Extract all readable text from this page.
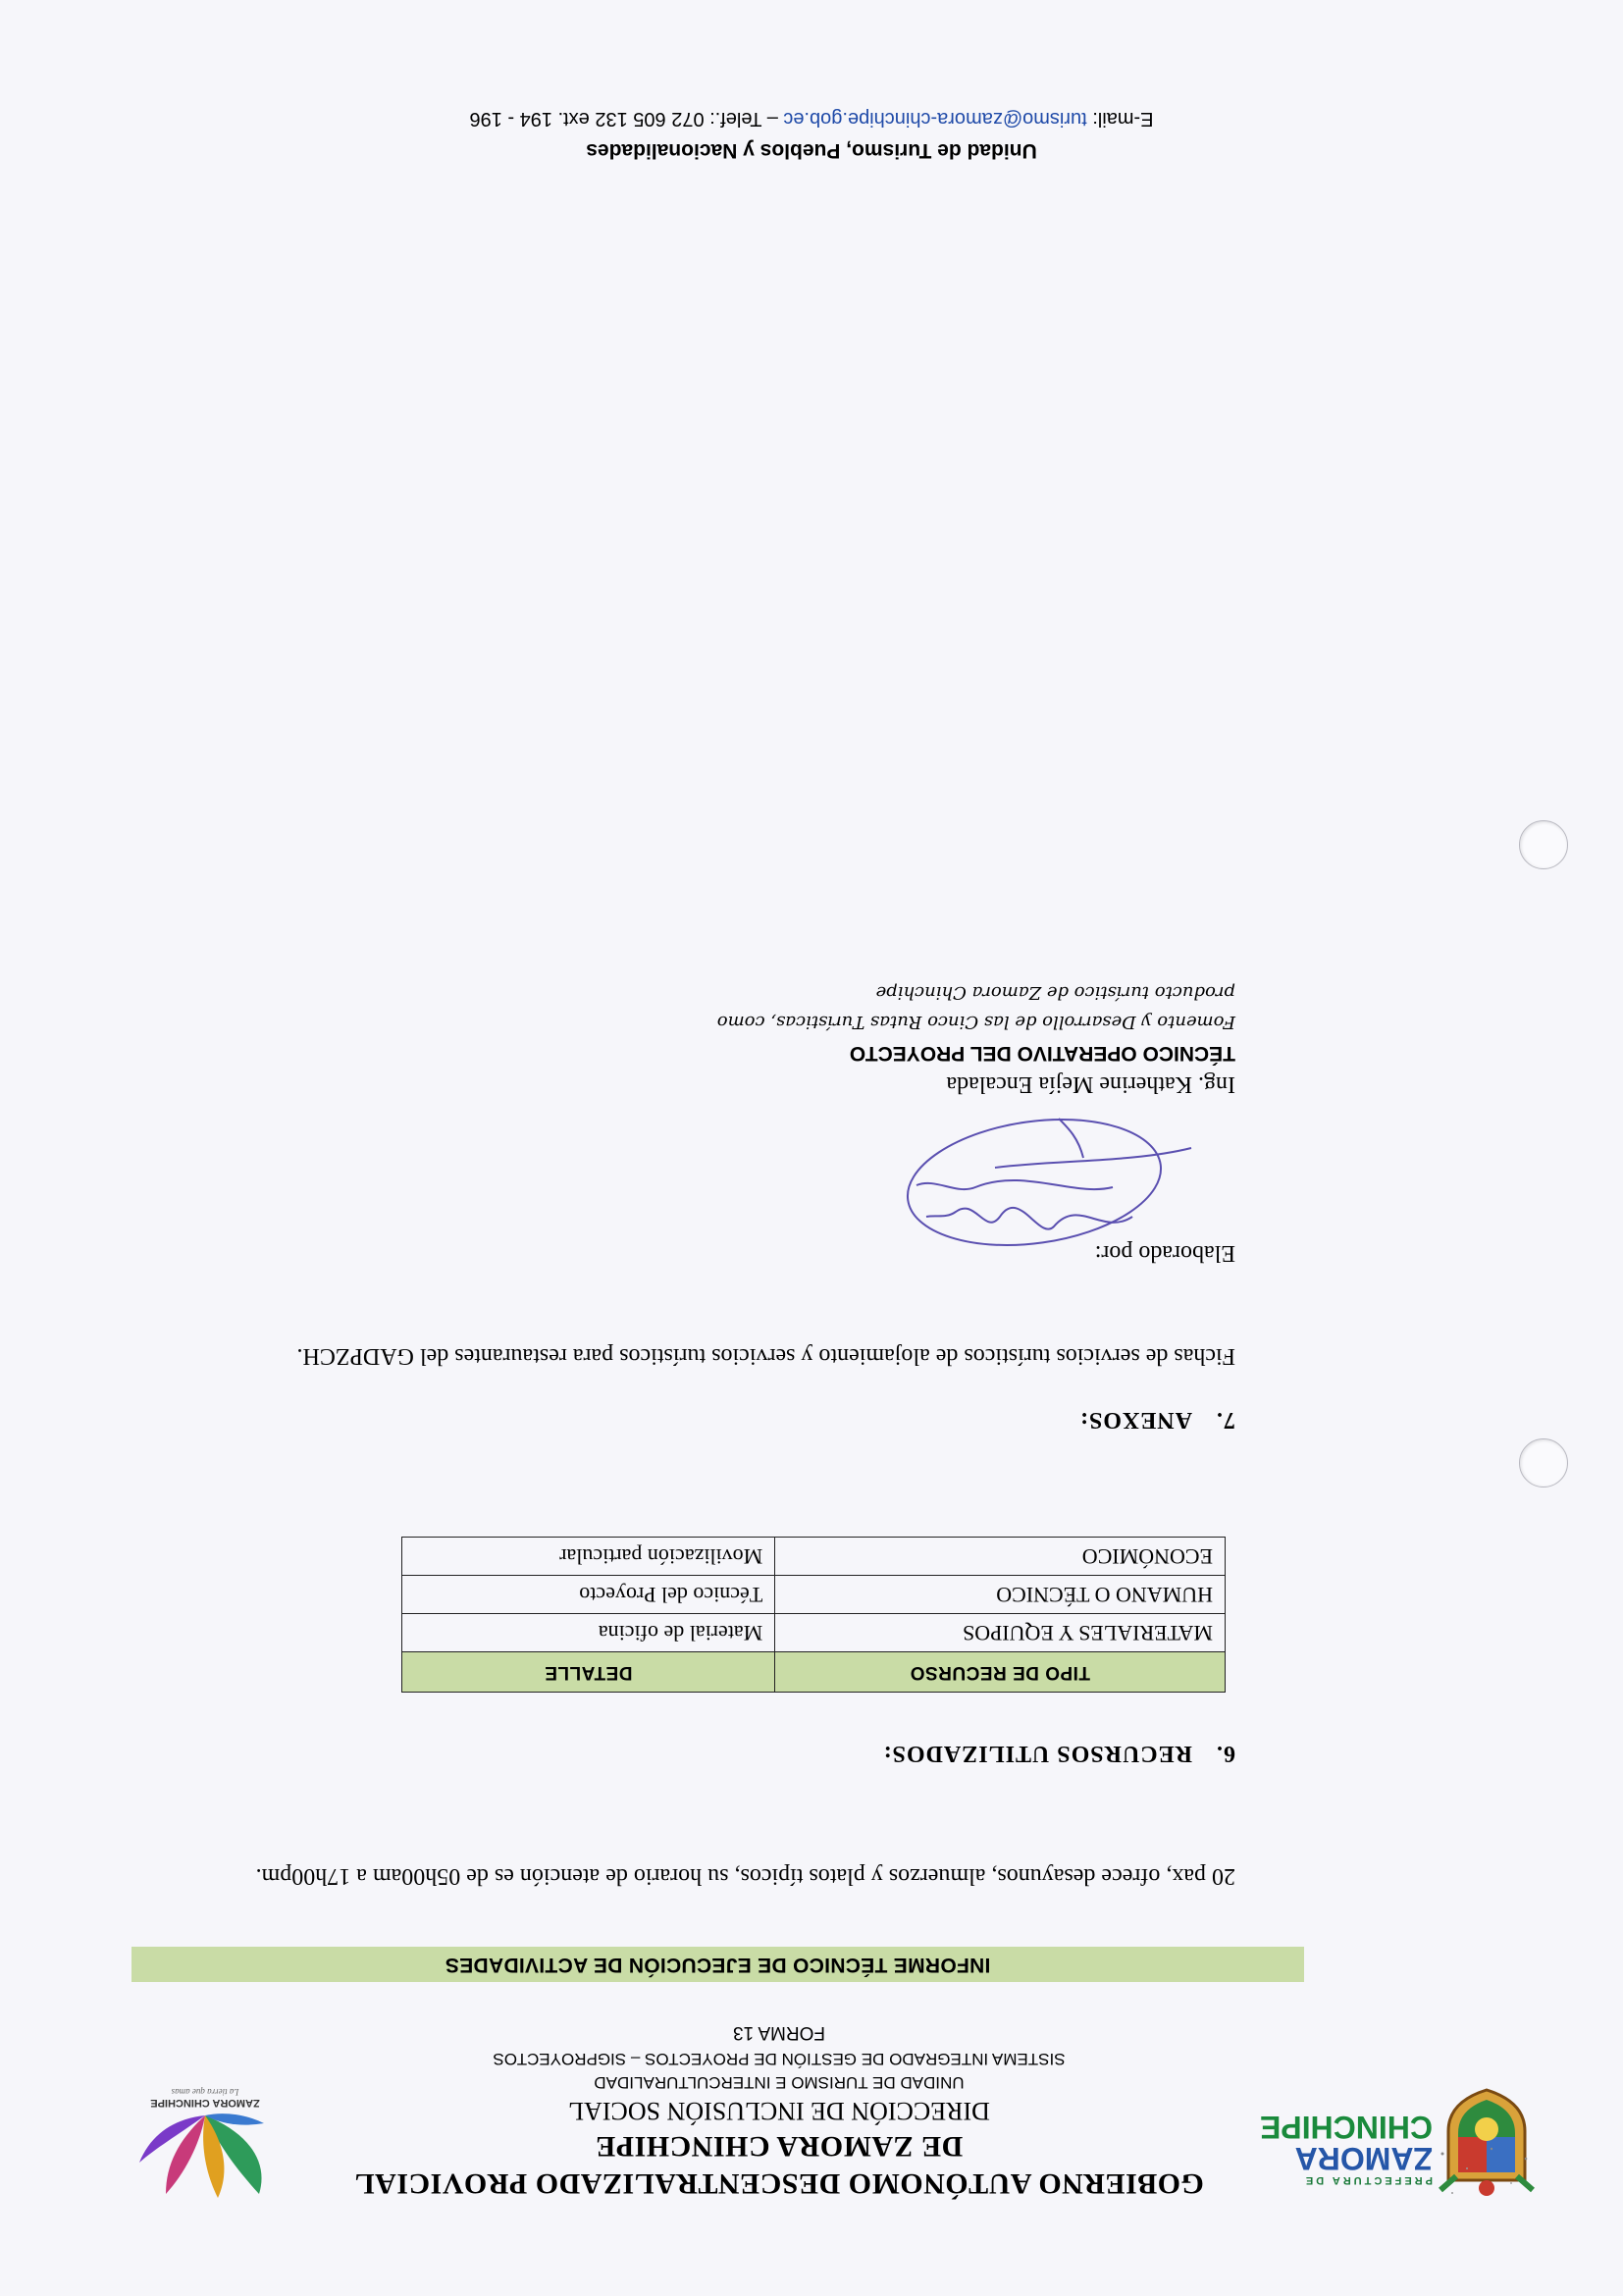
PREFECTURA DE
ZAMORA
CHINCHIPE
GOBIERNO AUTÓNOMO DESCENTRALIZADO PROVICIAL DE ZAMORA CHINCHIPE
DIRECCIÓN DE INCLUSIÓN SOCIAL
UNIDAD DE TURISMO E INTERCULTURALIDAD
SISTEMA INTEGRADO DE GESTIÓN DE PROYECTOS – SIGPROYECTOS
FORMA 13
ZAMORA CHINCHIPE
La tierra que amas
INFORME TÉCNICO DE EJECUCIÓN DE ACTIVIDADES
20 pax, ofrece desayunos, almuerzos y platos típicos, su horario de atención es de 05h00am a 17h00pm.
6.RECURSOS UTILIZADOS:
TIPO DE RECURSO	DETALLE
MATERIALES Y EQUIPOS	Material de oficina
HUMANO O TÉCNICO	Técnico del Proyecto
ECONÓMICO	Movilización particular
7.ANEXOS:
Fichas de servicios turísticos de alojamiento y servicios turísticos para restaurantes del GADPZCH.
Elaborado por:
Ing. Katherine Mejía Encalada
TÉCNICO OPERATIVO DEL PROYECTO
Fomento y Desarrollo de las Cinco Rutas Turísticas, como producto turístico de Zamora Chinchipe
Unidad de Turismo, Pueblos y Nacionalidades
E-mail: turismo@zamora-chinchipe.gob.ec – Telef.: 072 605 132 ext. 194 - 196
